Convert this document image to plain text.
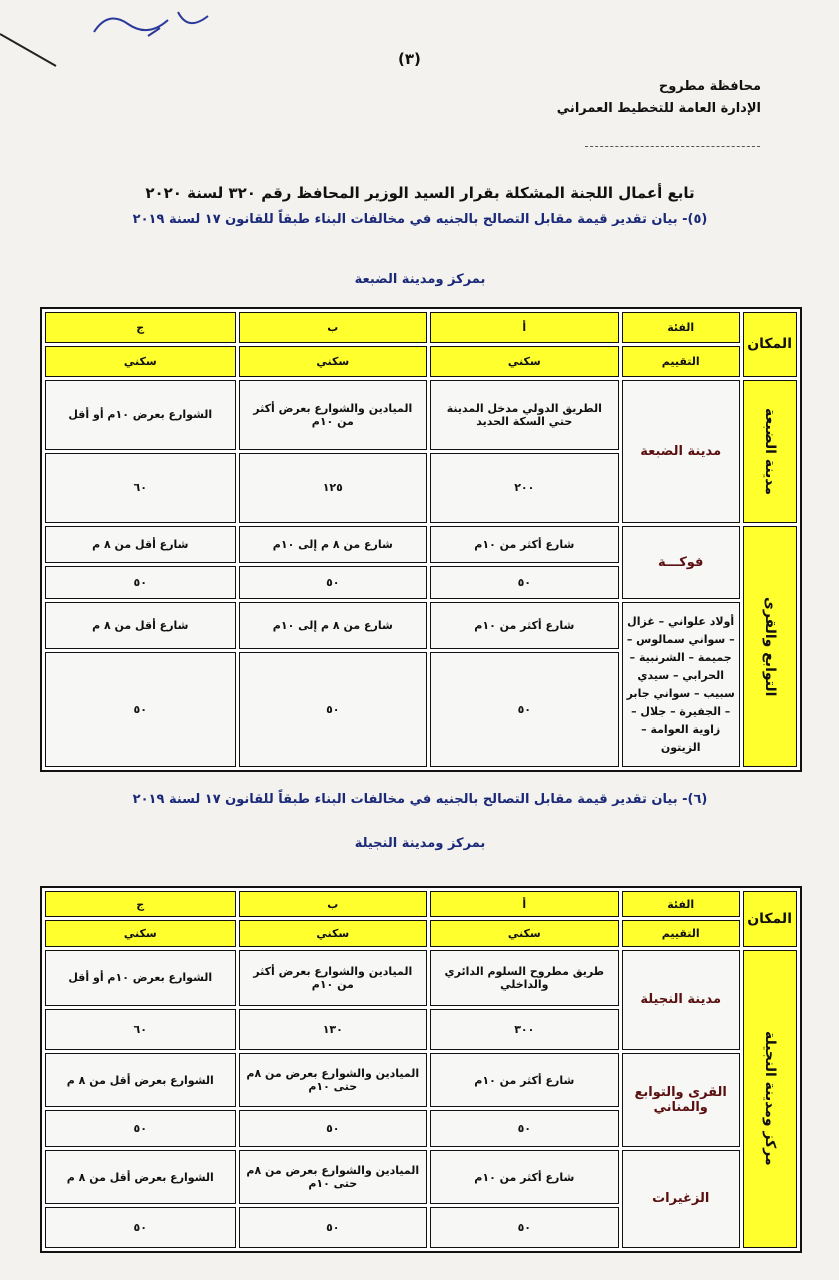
(٣)
محافظة مطروح
الإدارة العامة للتخطيط العمراني
تابع أعمال اللجنة المشكلة بقرار السيد الوزير المحافظ رقم ٣٢٠ لسنة ٢٠٢٠
(٥)- بيان تقدير قيمة مقابل التصالح بالجنيه في مخالفات البناء طبقاً للقانون ١٧ لسنة ٢٠١٩
بمركز ومدينة الضبعة
المكان	الفئة	أ	ب	ج
	التقييم	سكني	سكني	سكني
مدينة الضبعة	مدينة الضبعة	الطريق الدولي مدخل المدينة حتي السكة الحديد	الميادين والشوارع بعرض أكثر من ١٠م	الشوارع بعرض ١٠م أو أقل
		٢٠٠	١٢٥	٦٠
التوابع والقرى	فوكـــة	شارع أكثر من ١٠م	شارع من ٨ م إلى ١٠م	شارع أقل من ٨ م
		٥٠	٥٠	٥٠
	أولاد علواني – غزال – سواني سمالوس – جميمة – الشرنبية – الحرابي – سيدي سبيب – سواني جابر – الجفيرة – جلال – زاوية العوامة – الزيتون	شارع أكثر من ١٠م	شارع من ٨ م إلى ١٠م	شارع أقل من ٨ م
		٥٠	٥٠	٥٠
(٦)- بيان تقدير قيمة مقابل التصالح بالجنيه في مخالفات البناء طبقاً للقانون ١٧ لسنة ٢٠١٩
بمركز ومدينة النجيلة
المكان	الفئة	أ	ب	ج
	التقييم	سكني	سكني	سكني
مركز ومدينة النجيلة	مدينة النجيلة	طريق مطروح السلوم الدائري والداخلي	الميادين والشوارع بعرض أكثر من ١٠م	الشوارع بعرض ١٠م أو أقل
		٣٠٠	١٣٠	٦٠
	القرى والتوابع والمناني	شارع أكثر من ١٠م	الميادين والشوارع بعرض من ٨م حتى ١٠م	الشوارع بعرض أقل من ٨ م
		٥٠	٥٠	٥٠
	الزغيرات	شارع أكثر من ١٠م	الميادين والشوارع بعرض من ٨م حتى ١٠م	الشوارع بعرض أقل من ٨ م
		٥٠	٥٠	٥٠
